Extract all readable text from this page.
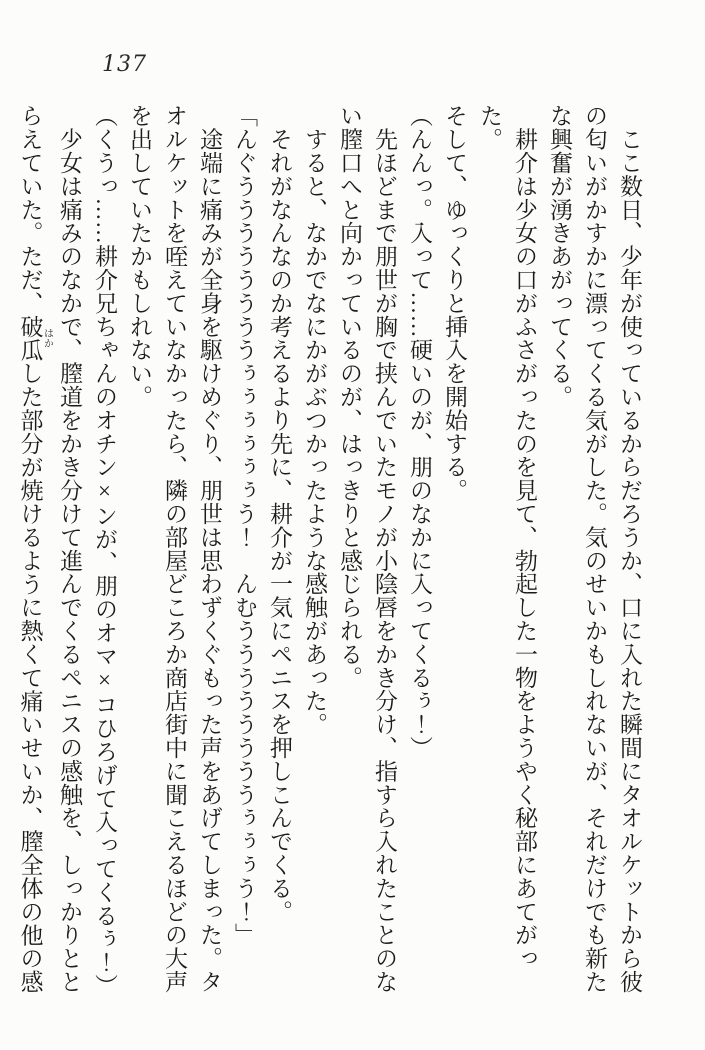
137
　ここ数日、少年が使っているからだろうか、口に入れた瞬間にタオルケットから彼
の匂いがかすかに漂ってくる気がした。気のせいかもしれないが、それだけでも新た
な興奮が湧きあがってくる。
　耕介は少女の口がふさがったのを見て、勃起した一物をようやく秘部にあてがった。
そして、ゆっくりと挿入を開始する。
（んんっ。入って……硬いのが、朋のなかに入ってくるぅ！）
　先ほどまで朋世が胸で挟んでいたモノが小陰唇をかき分け、指すら入れたことのな
い膣口へと向かっているのが、はっきりと感じられる。
　すると、なかでなにかがぶつかったような感触があった。
　それがなんなのか考えるより先に、耕介が一気にペニスを押しこんでくる。
「んぐううううううううぅぅぅぅぅぅう！　んむううううううううぅぅぅう！」
　途端に痛みが全身を駆けめぐり、朋世は思わずくぐもった声をあげてしまった。タ
オルケットを咥えていなかったら、隣の部屋どころか商店街中に聞こえるほどの大声
を出していたかもしれない。
（くうっ……耕介兄ちゃんのオチン×ンが、朋のオマ×コひろげて入ってくるぅ！）
　少女は痛みのなかで、膣道をかき分けて進んでくるペニスの感触を、しっかりとと
らえていた。ただ、破瓜 はかした部分が焼けるように熱くて痛いせいか、膣全体の他の感
